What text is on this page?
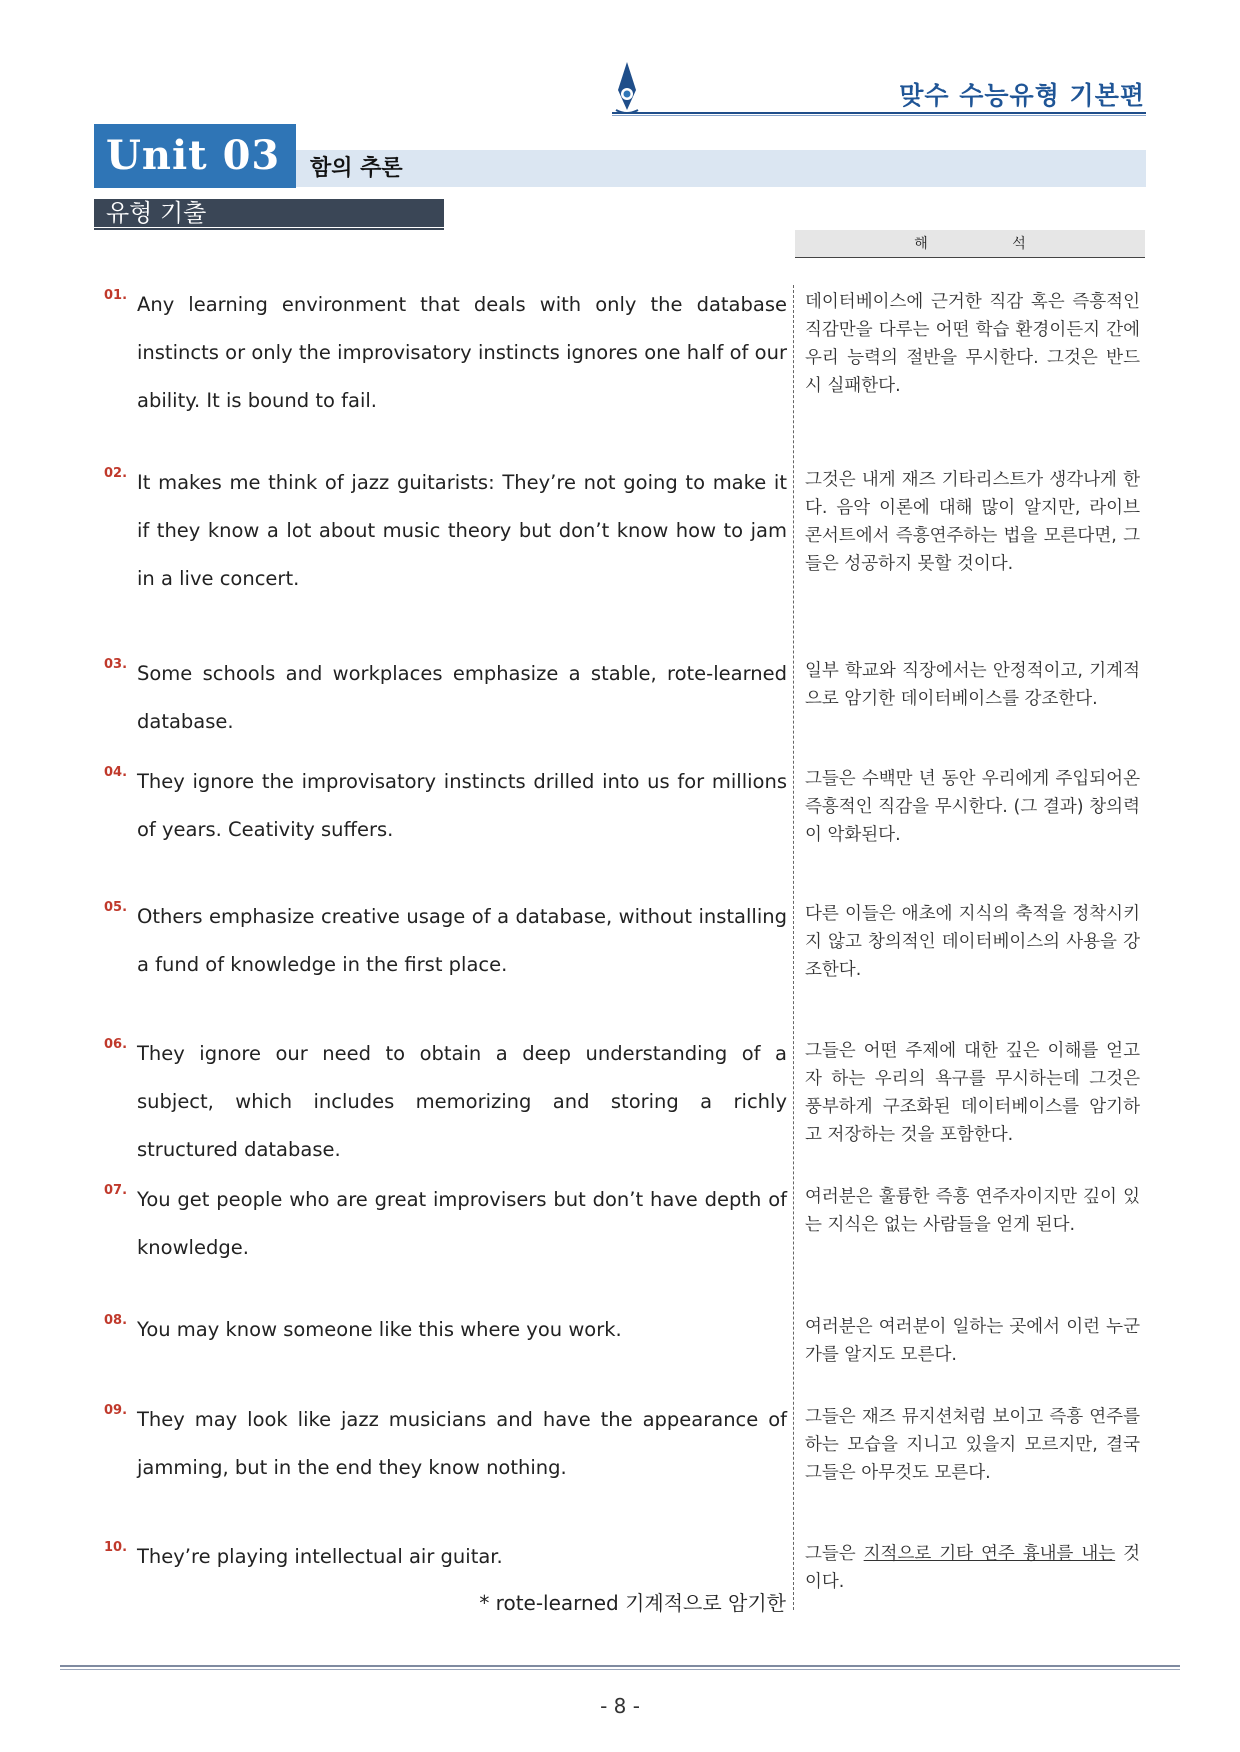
맞수 수능유형 기본편
Unit 03	함의 추론
유형 기출
해 석
01. Any learning environment that deals with only the database instincts or only the improvisatory instincts ignores one half of our ability. It is bound to fail.
데이터베이스에 근거한 직감 혹은 즉흥적인 직감만을 다루는 어떤 학습 환경이든지 간에 우리 능력의 절반을 무시한다. 그것은 반드시 실패한다.
02. It makes me think of jazz guitarists: They’re not going to make it if they know a lot about music theory but don’t know how to jam in a live concert.
그것은 내게 재즈 기타리스트가 생각나게 한다. 음악 이론에 대해 많이 알지만, 라이브 콘서트에서 즉흥연주하는 법을 모른다면, 그들은 성공하지 못할 것이다.
03. Some schools and workplaces emphasize a stable, rote-learned database.
일부 학교와 직장에서는 안정적이고, 기계적으로 암기한 데이터베이스를 강조한다.
04. They ignore the improvisatory instincts drilled into us for millions of years. Ceativity suffers.
그들은 수백만 년 동안 우리에게 주입되어온 즉흥적인 직감을 무시한다. (그 결과) 창의력이 악화된다.
05. Others emphasize creative usage of a database, without installing a fund of knowledge in the first place.
다른 이들은 애초에 지식의 축적을 정착시키지 않고 창의적인 데이터베이스의 사용을 강조한다.
06. They ignore our need to obtain a deep understanding of a subject, which includes memorizing and storing a richly structured database.
그들은 어떤 주제에 대한 깊은 이해를 얻고자 하는 우리의 욕구를 무시하는데 그것은 풍부하게 구조화된 데이터베이스를 암기하고 저장하는 것을 포함한다.
07. You get people who are great improvisers but don’t have depth of knowledge.
여러분은 훌륭한 즉흥 연주자이지만 깊이 있는 지식은 없는 사람들을 얻게 된다.
08. You may know someone like this where you work.	여러분은 여러분이 일하는 곳에서 이런 누군가를 알지도 모른다.
09. They may look like jazz musicians and have the appearance of jamming, but in the end they know nothing.
그들은 재즈 뮤지션처럼 보이고 즉흥 연주를 하는 모습을 지니고 있을지 모르지만, 결국 그들은 아무것도 모른다.
10. They’re playing intellectual air guitar.	그들은 지적으로 기타 연주 흉내를 내는 것이다.
* rote-learned 기계적으로 암기한
- 8 -
